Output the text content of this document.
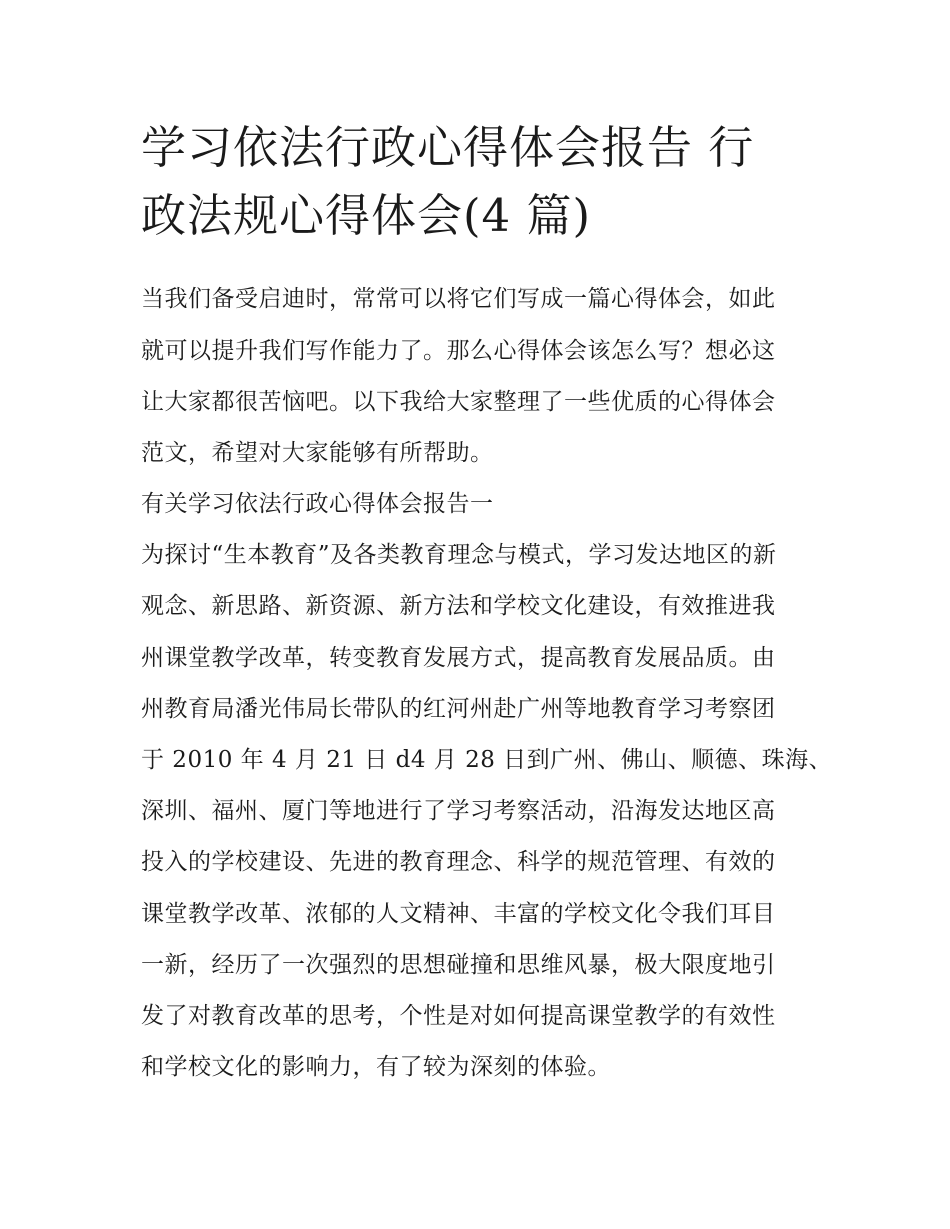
学习依法行政心得体会报告 行
政法规心得体会(4 篇)
当我们备受启迪时，常常可以将它们写成一篇心得体会，如此
就可以提升我们写作能力了。那么心得体会该怎么写？想必这
让大家都很苦恼吧。以下我给大家整理了一些优质的心得体会
范文，希望对大家能够有所帮助。
有关学习依法行政心得体会报告一
为探讨“生本教育”及各类教育理念与模式，学习发达地区的新
观念、新思路、新资源、新方法和学校文化建设，有效推进我
州课堂教学改革，转变教育发展方式，提高教育发展品质。由
州教育局潘光伟局长带队的红河州赴广州等地教育学习考察团
于 2010 年 4 月 21 日 d4 月 28 日到广州、佛山、顺德、珠海、
深圳、福州、厦门等地进行了学习考察活动，沿海发达地区高
投入的学校建设、先进的教育理念、科学的规范管理、有效的
课堂教学改革、浓郁的人文精神、丰富的学校文化令我们耳目
一新，经历了一次强烈的思想碰撞和思维风暴，极大限度地引
发了对教育改革的思考，个性是对如何提高课堂教学的有效性
和学校文化的影响力，有了较为深刻的体验。
